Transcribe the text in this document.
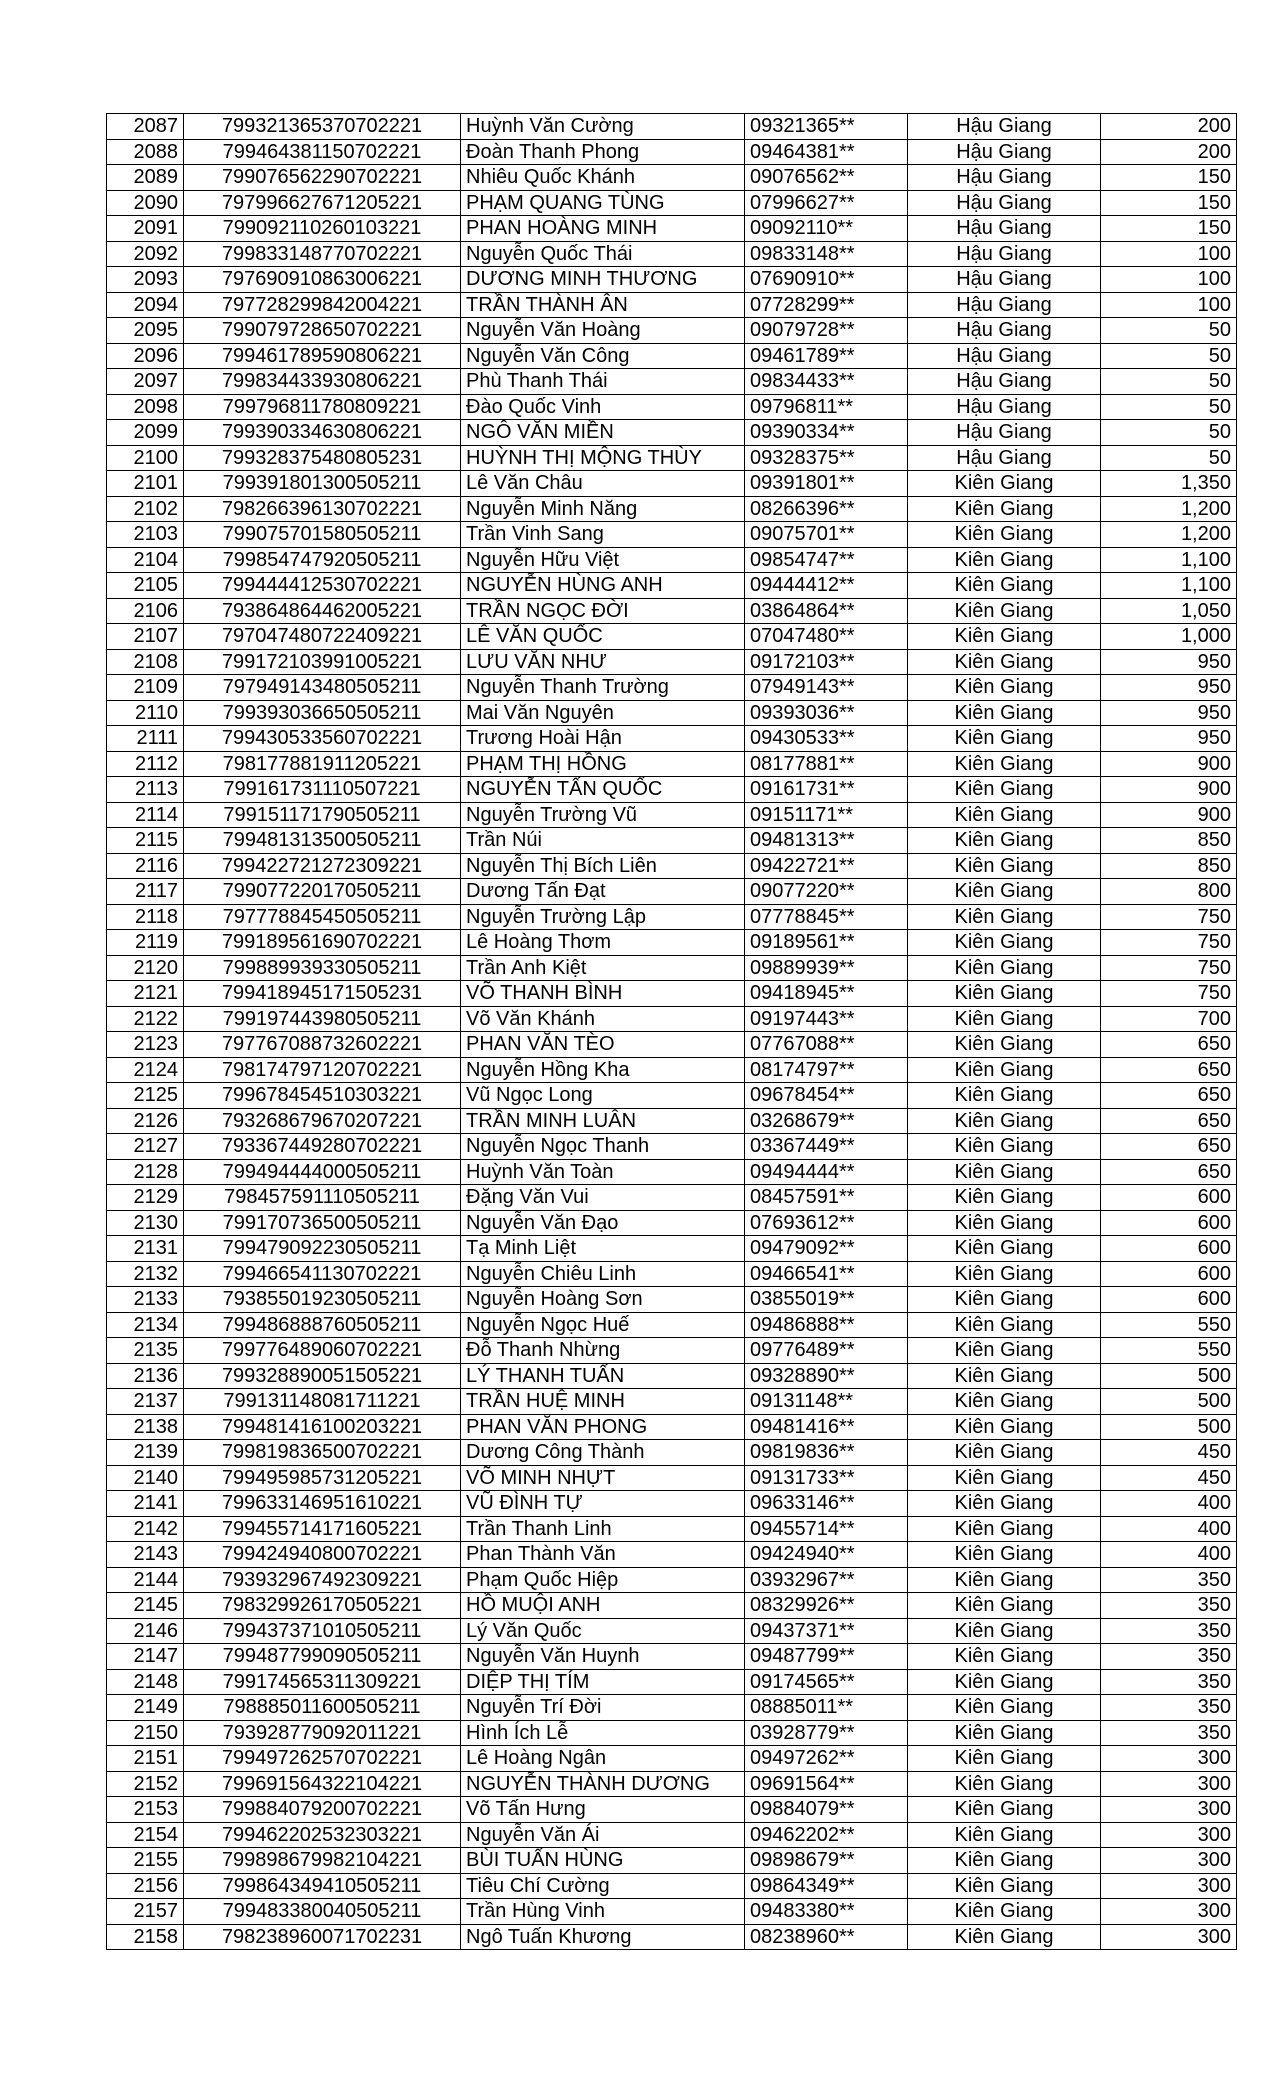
2087	799321365370702221	Huỳnh Văn Cường	09321365**	Hậu Giang	200
2088	799464381150702221	Đoàn Thanh Phong	09464381**	Hậu Giang	200
2089	799076562290702221	Nhiêu Quốc Khánh	09076562**	Hậu Giang	150
2090	797996627671205221	PHẠM QUANG TÙNG	07996627**	Hậu Giang	150
2091	799092110260103221	PHAN HOÀNG MINH	09092110**	Hậu Giang	150
2092	799833148770702221	Nguyễn Quốc Thái	09833148**	Hậu Giang	100
2093	797690910863006221	DƯƠNG MINH THƯƠNG	07690910**	Hậu Giang	100
2094	797728299842004221	TRẦN THÀNH ÂN	07728299**	Hậu Giang	100
2095	799079728650702221	Nguyễn Văn Hoàng	09079728**	Hậu Giang	50
2096	799461789590806221	Nguyễn Văn Công	09461789**	Hậu Giang	50
2097	799834433930806221	Phù Thanh Thái	09834433**	Hậu Giang	50
2098	799796811780809221	Đào Quốc Vinh	09796811**	Hậu Giang	50
2099	799390334630806221	NGÔ VĂN MIỀN	09390334**	Hậu Giang	50
2100	799328375480805231	HUỲNH THỊ MỘNG THÙY	09328375**	Hậu Giang	50
2101	799391801300505211	Lê Văn Châu	09391801**	Kiên Giang	1,350
2102	798266396130702221	Nguyễn Minh Năng	08266396**	Kiên Giang	1,200
2103	799075701580505211	Trần Vinh Sang	09075701**	Kiên Giang	1,200
2104	799854747920505211	Nguyễn Hữu Việt	09854747**	Kiên Giang	1,100
2105	799444412530702221	NGUYỄN HÙNG ANH	09444412**	Kiên Giang	1,100
2106	793864864462005221	TRẦN NGỌC ĐỜI	03864864**	Kiên Giang	1,050
2107	797047480722409221	LÊ VĂN QUỐC	07047480**	Kiên Giang	1,000
2108	799172103991005221	LƯU VĂN NHƯ	09172103**	Kiên Giang	950
2109	797949143480505211	Nguyễn Thanh Trường	07949143**	Kiên Giang	950
2110	799393036650505211	Mai Văn Nguyên	09393036**	Kiên Giang	950
2111	799430533560702221	Trương Hoài Hận	09430533**	Kiên Giang	950
2112	798177881911205221	PHẠM THỊ HỒNG	08177881**	Kiên Giang	900
2113	799161731110507221	NGUYỄN TẤN QUỐC	09161731**	Kiên Giang	900
2114	799151171790505211	Nguyễn Trường Vũ	09151171**	Kiên Giang	900
2115	799481313500505211	Trần Núi	09481313**	Kiên Giang	850
2116	799422721272309221	Nguyễn Thị Bích Liên	09422721**	Kiên Giang	850
2117	799077220170505211	Dương Tấn Đạt	09077220**	Kiên Giang	800
2118	797778845450505211	Nguyễn Trường Lập	07778845**	Kiên Giang	750
2119	799189561690702221	Lê Hoàng Thơm	09189561**	Kiên Giang	750
2120	799889939330505211	Trần Anh Kiệt	09889939**	Kiên Giang	750
2121	799418945171505231	VÕ THANH BÌNH	09418945**	Kiên Giang	750
2122	799197443980505211	Võ Văn Khánh	09197443**	Kiên Giang	700
2123	797767088732602221	PHAN VĂN TÈO	07767088**	Kiên Giang	650
2124	798174797120702221	Nguyễn Hồng Kha	08174797**	Kiên Giang	650
2125	799678454510303221	Vũ Ngọc Long	09678454**	Kiên Giang	650
2126	793268679670207221	TRẦN MINH LUÂN	03268679**	Kiên Giang	650
2127	793367449280702221	Nguyễn Ngọc Thanh	03367449**	Kiên Giang	650
2128	799494444000505211	Huỳnh Văn Toàn	09494444**	Kiên Giang	650
2129	798457591110505211	Đặng Văn Vui	08457591**	Kiên Giang	600
2130	799170736500505211	Nguyễn Văn Đạo	07693612**	Kiên Giang	600
2131	799479092230505211	Tạ Minh Liệt	09479092**	Kiên Giang	600
2132	799466541130702221	Nguyễn Chiêu Linh	09466541**	Kiên Giang	600
2133	793855019230505211	Nguyễn Hoàng Sơn	03855019**	Kiên Giang	600
2134	799486888760505211	Nguyễn Ngọc Huế	09486888**	Kiên Giang	550
2135	799776489060702221	Đỗ Thanh Nhừng	09776489**	Kiên Giang	550
2136	799328890051505221	LÝ THANH TUẤN	09328890**	Kiên Giang	500
2137	799131148081711221	TRẦN HUỆ MINH	09131148**	Kiên Giang	500
2138	799481416100203221	PHAN VĂN PHONG	09481416**	Kiên Giang	500
2139	799819836500702221	Dương Công Thành	09819836**	Kiên Giang	450
2140	799495985731205221	VÕ MINH NHỰT	09131733**	Kiên Giang	450
2141	799633146951610221	VŨ ĐÌNH TỰ	09633146**	Kiên Giang	400
2142	799455714171605221	Trần Thanh Linh	09455714**	Kiên Giang	400
2143	799424940800702221	Phan Thành Văn	09424940**	Kiên Giang	400
2144	793932967492309221	Phạm Quốc Hiệp	03932967**	Kiên Giang	350
2145	798329926170505221	HỒ MUỘI ANH	08329926**	Kiên Giang	350
2146	799437371010505211	Lý Văn Quốc	09437371**	Kiên Giang	350
2147	799487799090505211	Nguyễn Văn Huynh	09487799**	Kiên Giang	350
2148	799174565311309221	DIỆP THỊ TÍM	09174565**	Kiên Giang	350
2149	798885011600505211	Nguyễn Trí Đời	08885011**	Kiên Giang	350
2150	793928779092011221	Hình Ích Lễ	03928779**	Kiên Giang	350
2151	799497262570702221	Lê Hoàng Ngân	09497262**	Kiên Giang	300
2152	799691564322104221	NGUYỄN THÀNH DƯƠNG	09691564**	Kiên Giang	300
2153	799884079200702221	Võ Tấn Hưng	09884079**	Kiên Giang	300
2154	799462202532303221	Nguyễn Văn Ái	09462202**	Kiên Giang	300
2155	799898679982104221	BÙI TUẤN HÙNG	09898679**	Kiên Giang	300
2156	799864349410505211	Tiêu Chí Cường	09864349**	Kiên Giang	300
2157	799483380040505211	Trần Hùng Vinh	09483380**	Kiên Giang	300
2158	798238960071702231	Ngô Tuấn Khương	08238960**	Kiên Giang	300
